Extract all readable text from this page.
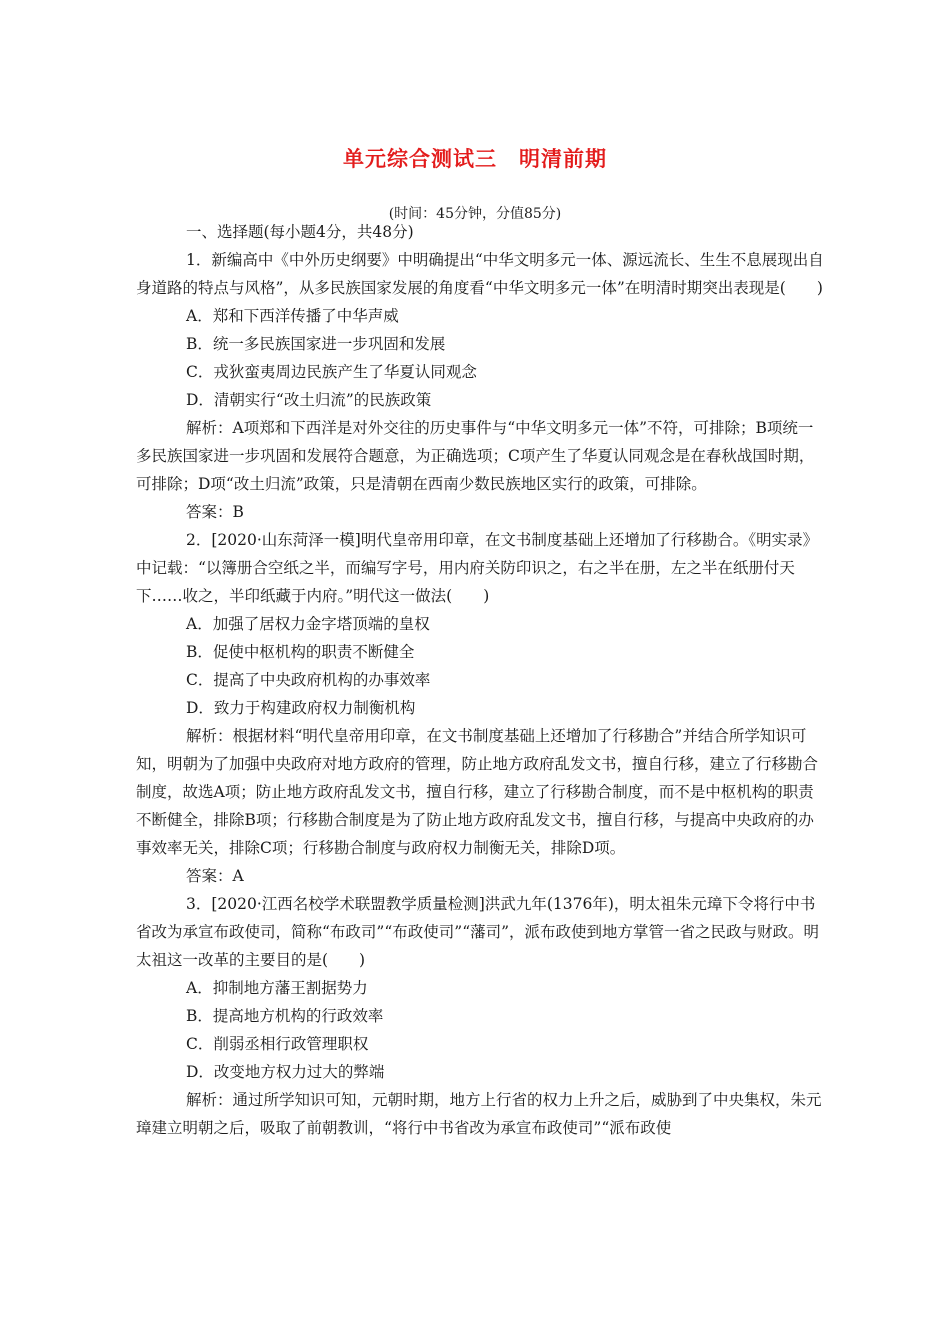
单元综合测试三　明清前期
(时间：45分钟，分值85分)

一、选择题(每小题4分，共48分)

1．新编高中《中外历史纲要》中明确提出“中华文明多元一体、源远流长、生生不息展现出自身道路的特点与风格”，从多民族国家发展的角度看“中华文明多元一体”在明清时期突出表现是(　　)

A．郑和下西洋传播了中华声威

B．统一多民族国家进一步巩固和发展

C．戎狄蛮夷周边民族产生了华夏认同观念

D．清朝实行“改土归流”的民族政策

解析：A项郑和下西洋是对外交往的历史事件与“中华文明多元一体”不符，可排除；B项统一多民族国家进一步巩固和发展符合题意，为正确选项；C项产生了华夏认同观念是在春秋战国时期，可排除；D项“改土归流”政策，只是清朝在西南少数民族地区实行的政策，可排除。

答案：B

2．[2020·山东菏泽一模]明代皇帝用印章，在文书制度基础上还增加了行移勘合。《明实录》中记载：“以簿册合空纸之半，而编写字号，用内府关防印识之，右之半在册，左之半在纸册付天下……收之，半印纸藏于内府。”明代这一做法(　　)

A．加强了居权力金字塔顶端的皇权

B．促使中枢机构的职责不断健全

C．提高了中央政府机构的办事效率

D．致力于构建政府权力制衡机构

解析：根据材料“明代皇帝用印章，在文书制度基础上还增加了行移勘合”并结合所学知识可知，明朝为了加强中央政府对地方政府的管理，防止地方政府乱发文书，擅自行移，建立了行移勘合制度，故选A项；防止地方政府乱发文书，擅自行移，建立了行移勘合制度，而不是中枢机构的职责不断健全，排除B项；行移勘合制度是为了防止地方政府乱发文书，擅自行移，与提高中央政府的办事效率无关，排除C项；行移勘合制度与政府权力制衡无关，排除D项。

答案：A

3．[2020·江西名校学术联盟教学质量检测]洪武九年(1376年)，明太祖朱元璋下令将行中书省改为承宣布政使司，简称“布政司”“布政使司”“藩司”，派布政使到地方掌管一省之民政与财政。明太祖这一改革的主要目的是(　　)

A．抑制地方藩王割据势力

B．提高地方机构的行政效率

C．削弱丞相行政管理职权

D．改变地方权力过大的弊端

解析：通过所学知识可知，元朝时期，地方上行省的权力上升之后，威胁到了中央集权，朱元璋建立明朝之后，吸取了前朝教训，“将行中书省改为承宣布政使司”“派布政使
